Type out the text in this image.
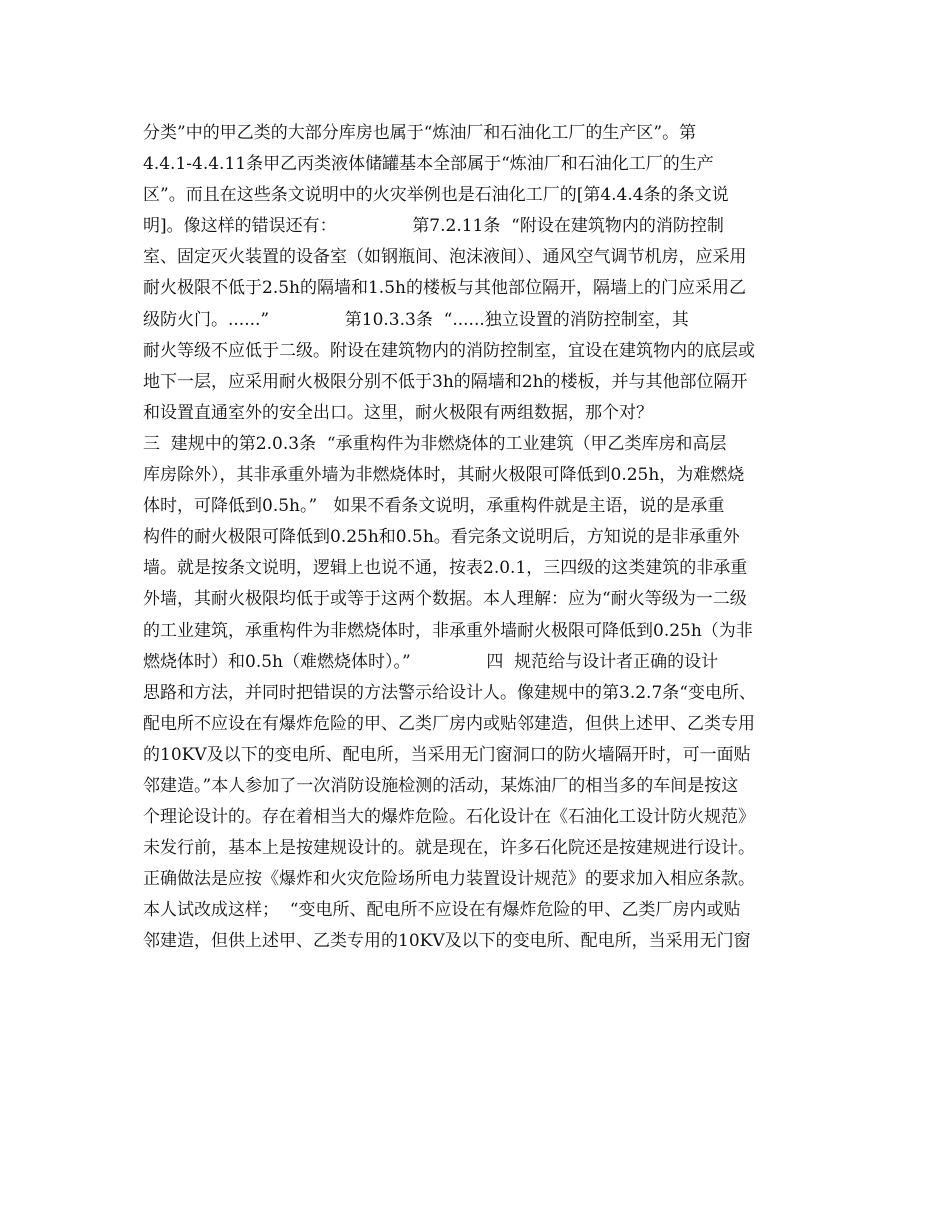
分类”中的甲乙类的大部分库房也属于“炼油厂和石油化工厂的生产区”。第
4.4.1-4.4.11条甲乙丙类液体储罐基本全部属于“炼油厂和石油化工厂的生产
区”。而且在这些条文说明中的火灾举例也是石油化工厂的[第4.4.4条的条文说
明]。像这样的错误还有：              第7.2.11条  “附设在建筑物内的消防控制
室、固定灭火装置的设备室（如钢瓶间、泡沫液间）、通风空气调节机房，应采用
耐火极限不低于2.5h的隔墙和1.5h的楼板与其他部位隔开，隔墙上的门应采用乙
级防火门。......”              第10.3.3条  “......独立设置的消防控制室，其
耐火等级不应低于二级。附设在建筑物内的消防控制室，宜设在建筑物内的底层或
地下一层，应采用耐火极限分别不低于3h的隔墙和2h的楼板，并与其他部位隔开
和设置直通室外的安全出口。这里，耐火极限有两组数据，那个对？
三  建规中的第2.0.3条  “承重构件为非燃烧体的工业建筑（甲乙类库房和高层
库房除外），其非承重外墙为非燃烧体时，其耐火极限可降低到0.25h，为难燃烧
体时，可降低到0.5h。”   如果不看条文说明，承重构件就是主语，说的是承重
构件的耐火极限可降低到0.25h和0.5h。看完条文说明后，方知说的是非承重外
墙。就是按条文说明，逻辑上也说不通，按表2.0.1，三四级的这类建筑的非承重
外墙，其耐火极限均低于或等于这两个数据。本人理解：应为“耐火等级为一二级
的工业建筑，承重构件为非燃烧体时，非承重外墙耐火极限可降低到0.25h（为非
燃烧体时）和0.5h（难燃烧体时）。”              四  规范给与设计者正确的设计
思路和方法，并同时把错误的方法警示给设计人。像建规中的第3.2.7条“变电所、
配电所不应设在有爆炸危险的甲、乙类厂房内或贴邻建造，但供上述甲、乙类专用
的10KV及以下的变电所、配电所，当采用无门窗洞口的防火墙隔开时，可一面贴
邻建造。”本人参加了一次消防设施检测的活动，某炼油厂的相当多的车间是按这
个理论设计的。存在着相当大的爆炸危险。石化设计在《石油化工设计防火规范》
未发行前，基本上是按建规设计的。就是现在，许多石化院还是按建规进行设计。
正确做法是应按《爆炸和火灾危险场所电力装置设计规范》的要求加入相应条款。
本人试改成这样；  “变电所、配电所不应设在有爆炸危险的甲、乙类厂房内或贴
邻建造，但供上述甲、乙类专用的10KV及以下的变电所、配电所，当采用无门窗
